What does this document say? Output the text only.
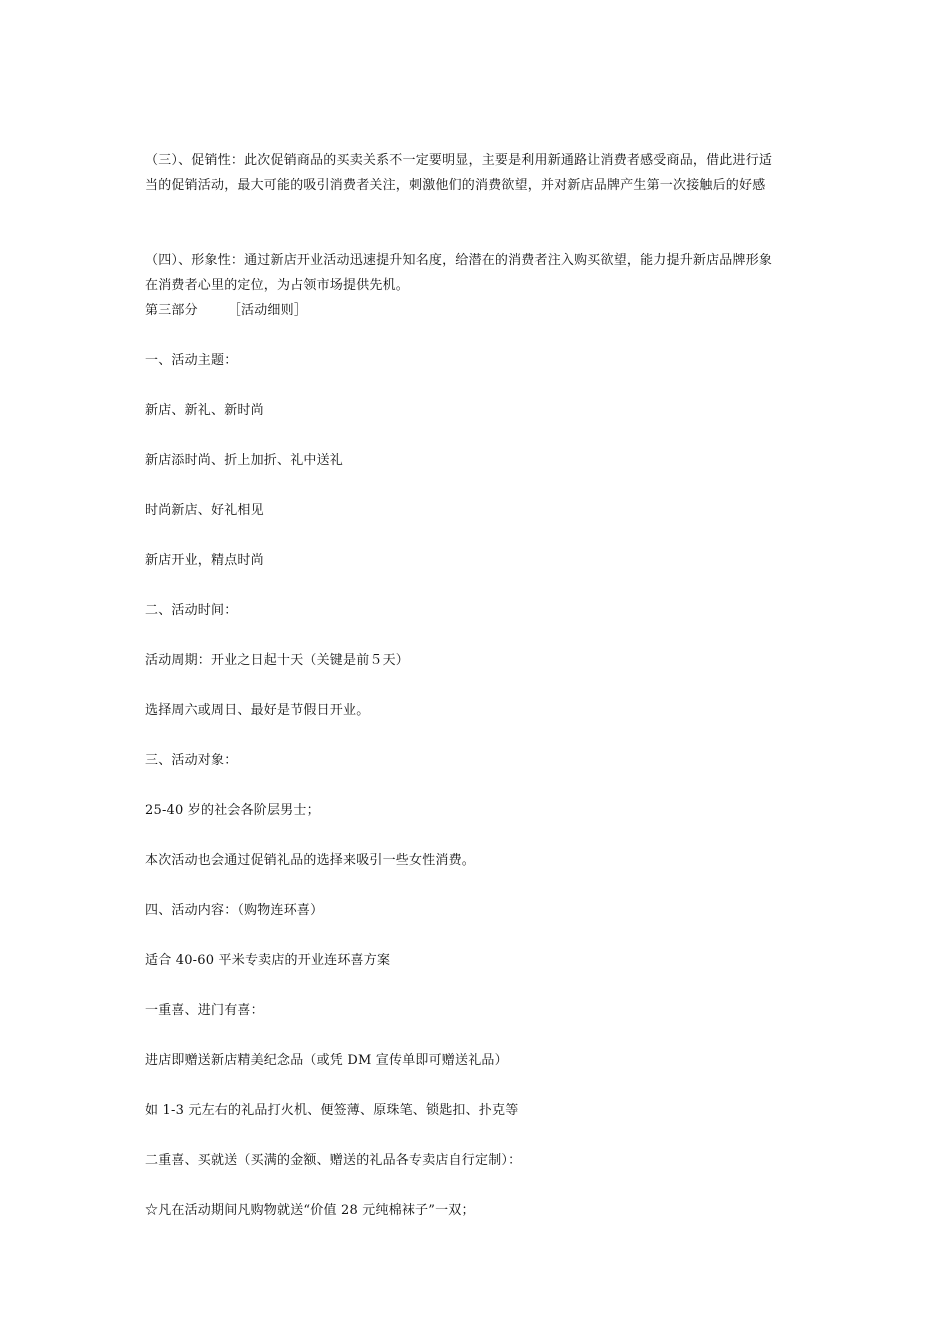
（三）、促销性：此次促销商品的买卖关系不一定要明显，主要是利用新通路让消费者感受商品，借此进行适
当的促销活动，最大可能的吸引消费者关注，刺激他们的消费欲望，并对新店品牌产生第一次接触后的好感
（四）、形象性：通过新店开业活动迅速提升知名度，给潜在的消费者注入购买欲望，能力提升新店品牌形象
在消费者心里的定位，为占领市场提供先机。
第三部分 ［活动细则］
一、活动主题：
新店、新礼、新时尚
新店添时尚、折上加折、礼中送礼
时尚新店、好礼相见
新店开业，精点时尚
二、活动时间：
活动周期：开业之日起十天（关键是前５天）
选择周六或周日、最好是节假日开业。
三、活动对象：
25-40 岁的社会各阶层男士；
本次活动也会通过促销礼品的选择来吸引一些女性消费。
四、活动内容：（购物连环喜）
适合 40-60 平米专卖店的开业连环喜方案
一重喜、进门有喜：
进店即赠送新店精美纪念品（或凭 DM 宣传单即可赠送礼品）
如 1-3 元左右的礼品打火机、便签薄、原珠笔、锁匙扣、扑克等
二重喜、买就送（买满的金额、赠送的礼品各专卖店自行定制）：
☆凡在活动期间凡购物就送“价值 28 元纯棉袜子”一双；
